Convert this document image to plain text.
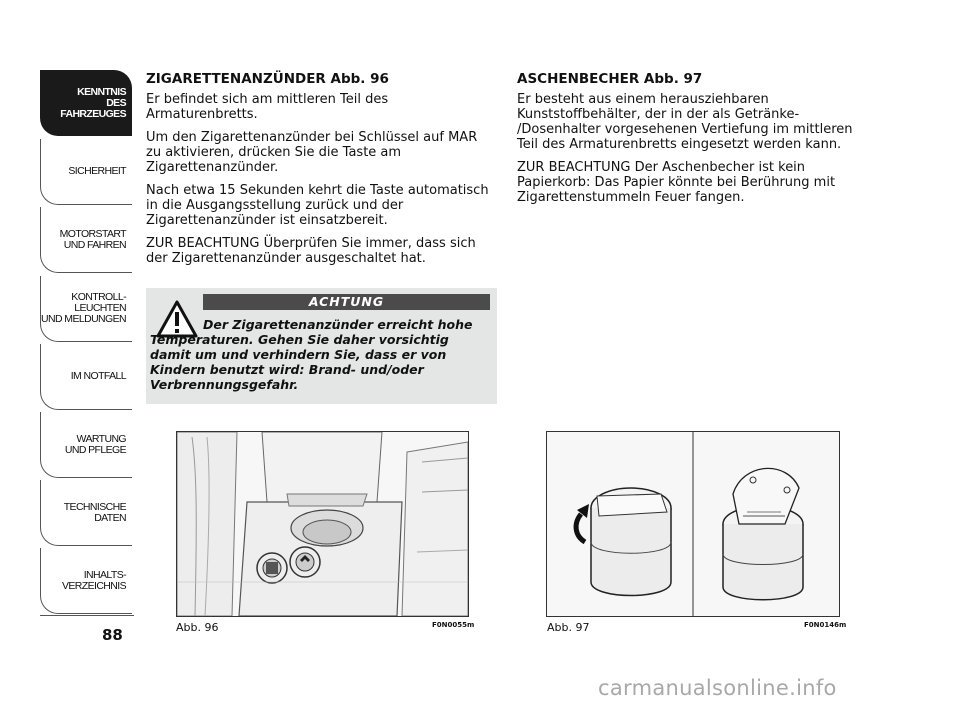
KENNTNIS
DES FAHRZEUGES
SICHERHEIT
MOTORSTART
UND FAHREN
KONTROLL-
LEUCHTEN
UND MELDUNGEN
IM NOTFALL
WARTUNG
UND PFLEGE
TECHNISCHE
DATEN
INHALTS-
VERZEICHNIS
88
ZIGARETTENANZÜNDER Abb. 96

Er befindet sich am mittleren Teil des Armaturenbretts.

Um den Zigarettenanzünder bei Schlüssel auf MAR zu aktivieren, drücken Sie die Taste am Zigarettenanzünder.

Nach etwa 15 Sekunden kehrt die Taste automatisch in die Ausgangsstellung zurück und der Zigarettenanzünder ist einsatzbereit.

ZUR BEACHTUNG Überprüfen Sie immer, dass sich der Zigarettenanzünder ausgeschaltet hat.

ACHTUNG
Der Zigarettenanzünder erreicht hohe Temperaturen. Gehen Sie daher vorsichtig damit um und verhindern Sie, dass er von Kindern benutzt wird: Brand- und/oder Verbrennungsgefahr.
ASCHENBECHER Abb. 97

Er besteht aus einem herausziehbaren Kunststoffbehälter, der in der als Getränke- /Dosenhalter vorgesehenen Vertiefung im mittleren Teil des Armaturenbretts eingesetzt werden kann.

ZUR BEACHTUNG Der Aschenbecher ist kein Papierkorb: Das Papier könnte bei Berührung mit Zigarettenstummeln Feuer fangen.

Abb. 96	F0N0055m	Abb. 97	F0N0146m
carmanualsonline.info
